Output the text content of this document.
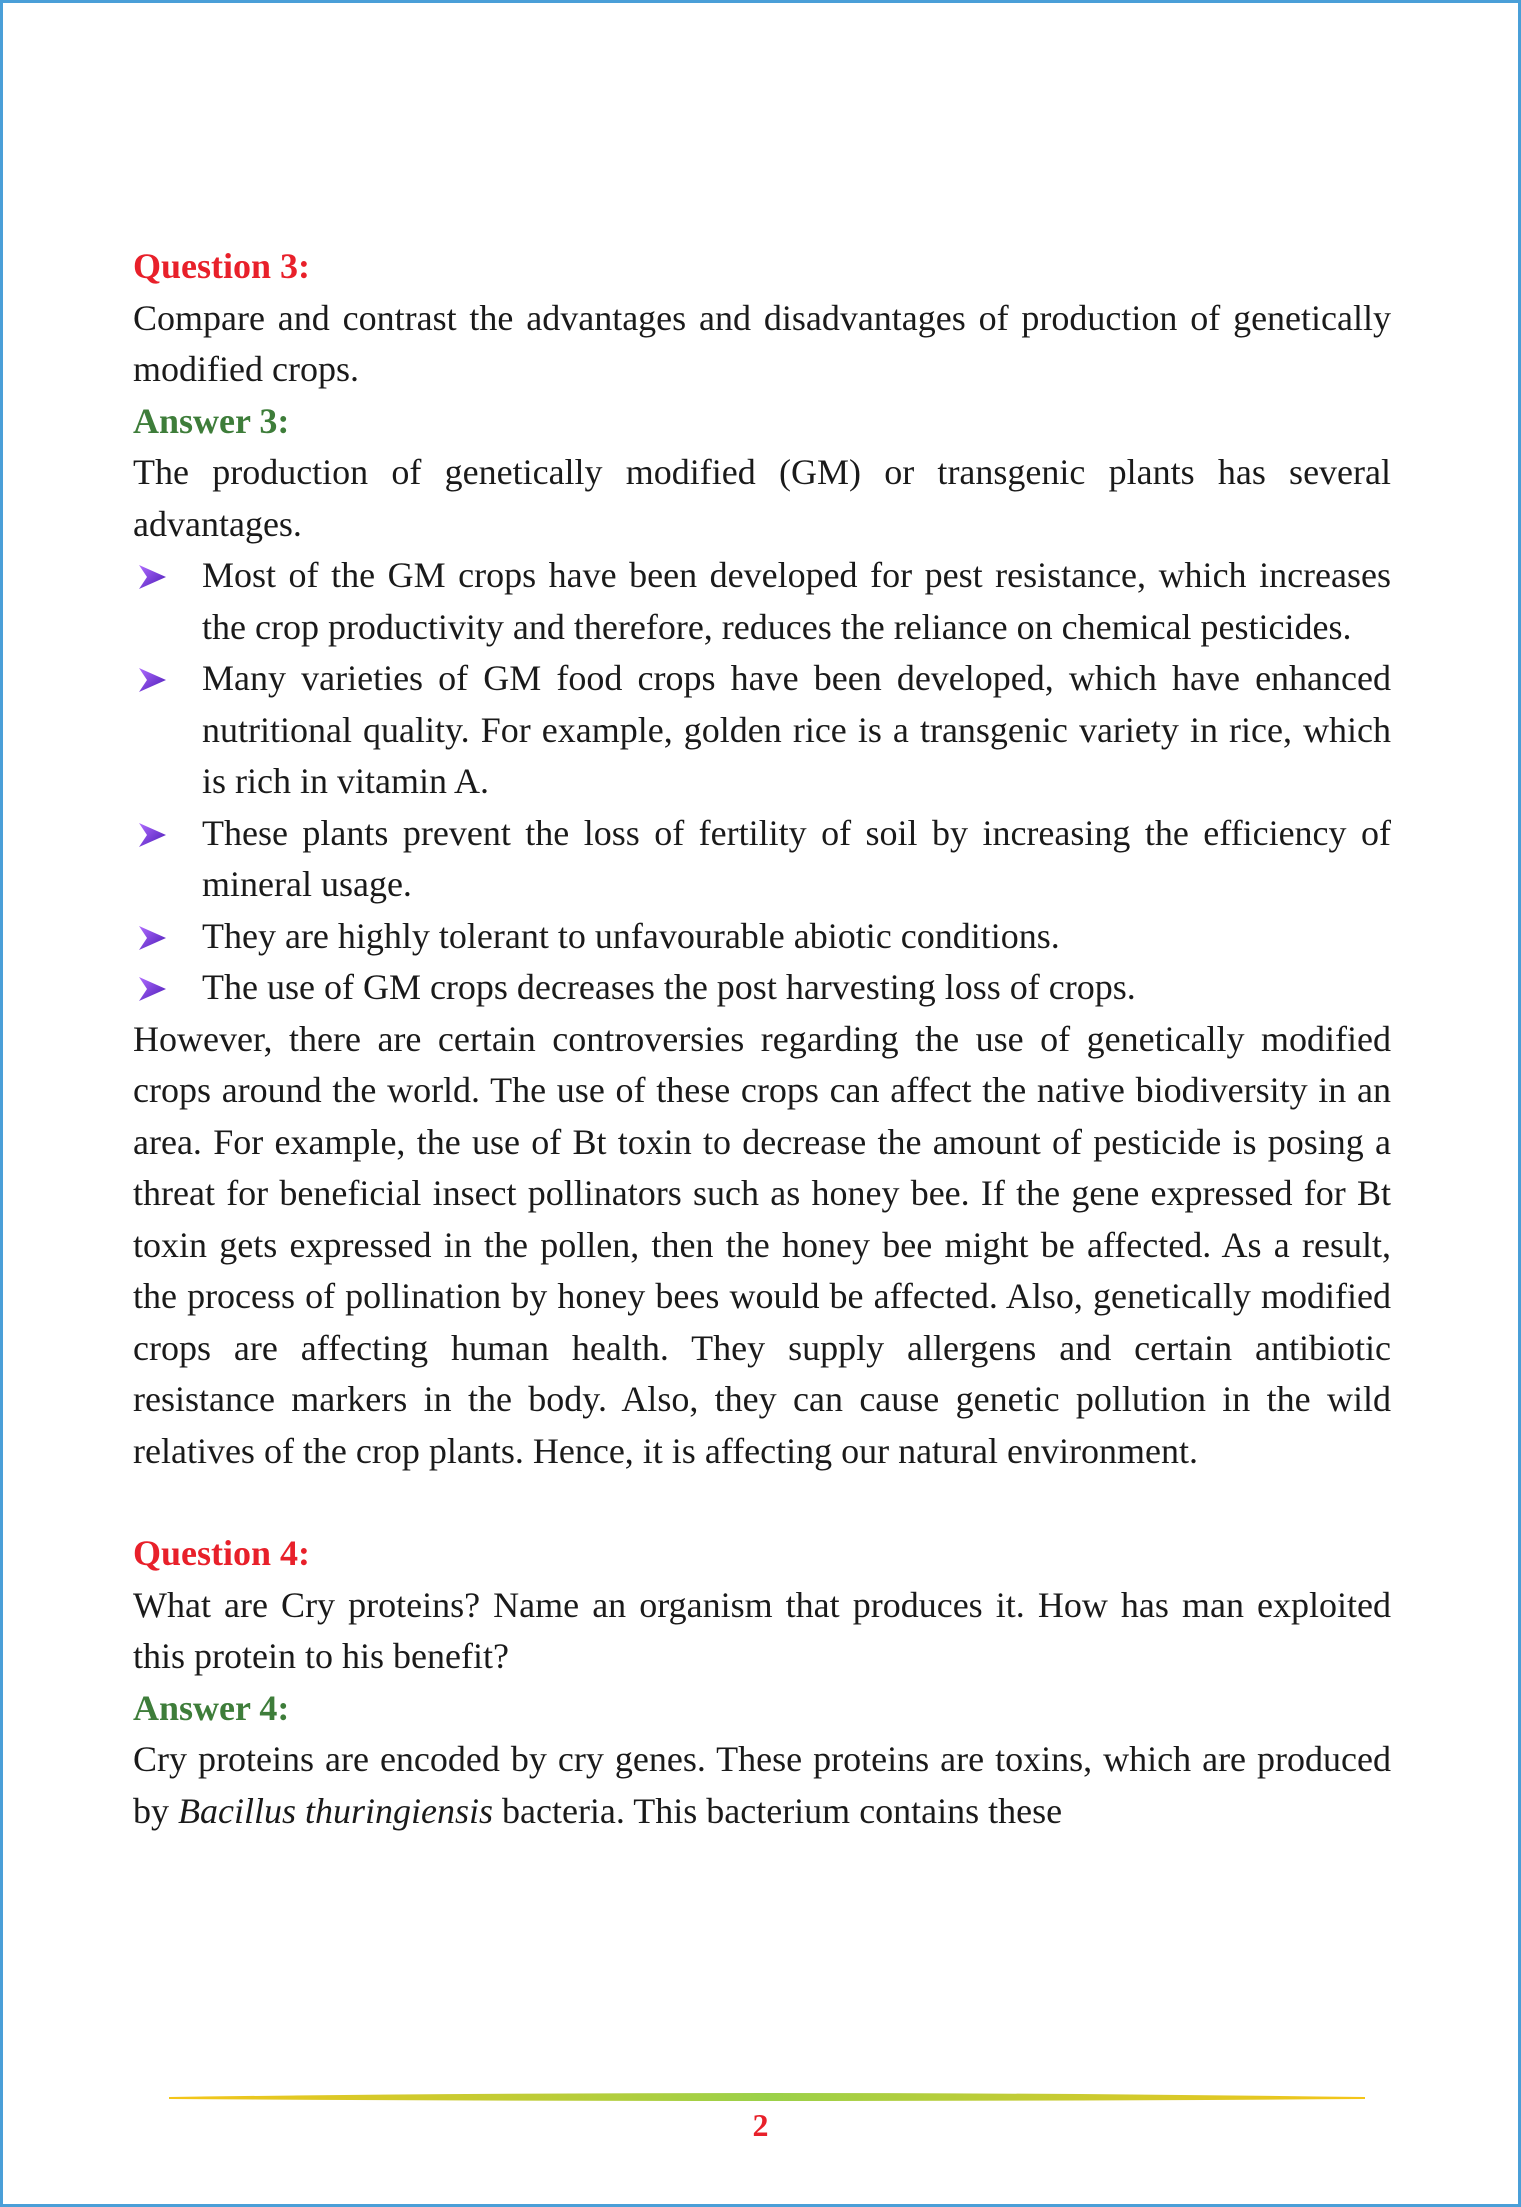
Question 3:

Compare and contrast the advantages and disadvantages of production of genetically modified crops.

Answer 3:

The production of genetically modified (GM) or transgenic plants has several advantages.

Most of the GM crops have been developed for pest resistance, which increases the crop productivity and therefore, reduces the reliance on chemical pesticides.
Many varieties of GM food crops have been developed, which have enhanced nutritional quality. For example, golden rice is a transgenic variety in rice, which is rich in vitamin A.
These plants prevent the loss of fertility of soil by increasing the efficiency of mineral usage.
They are highly tolerant to unfavourable abiotic conditions.
The use of GM crops decreases the post harvesting loss of crops.

However, there are certain controversies regarding the use of genetically modified crops around the world. The use of these crops can affect the native biodiversity in an area. For example, the use of Bt toxin to decrease the amount of pesticide is posing a threat for beneficial insect pollinators such as honey bee. If the gene expressed for Bt toxin gets expressed in the pollen, then the honey bee might be affected. As a result, the process of pollination by honey bees would be affected. Also, genetically modified crops are affecting human health. They supply allergens and certain antibiotic resistance markers in the body. Also, they can cause genetic pollution in the wild relatives of the crop plants. Hence, it is affecting our natural environment.

Question 4:

What are Cry proteins? Name an organism that produces it. How has man exploited this protein to his benefit?

Answer 4:

Cry proteins are encoded by cry genes. These proteins are toxins, which are produced by Bacillus thuringiensis bacteria. This bacterium contains these

2
